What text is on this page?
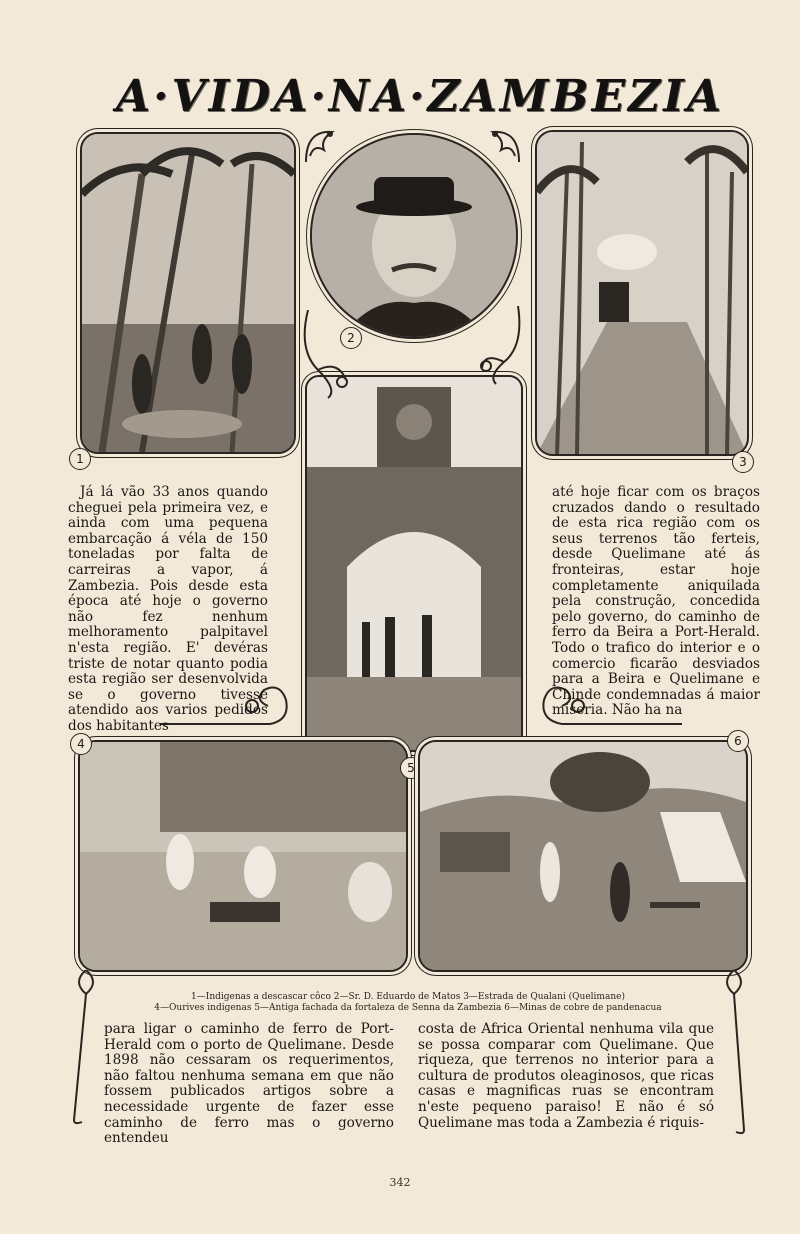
A·VIDA·NA·ZAMBEZIA
1
2
3
4
5
6

Já lá vão 33 anos quando cheguei pela primeira vez, e ainda com uma pequena embarcação á véla de 150 toneladas por falta de carreiras a vapor, á Zambezia. Pois desde esta época até hoje o governo não fez nenhum melhoramento palpitavel n'esta região. E' devéras triste de notar quanto podia esta região ser desenvolvida se o governo tivesse atendido aos varios pedidos dos habitantes

até hoje ficar com os braços cruzados dando o resultado de esta rica região com os seus terrenos tão ferteis, desde Quelimane até ás fronteiras, estar hoje completamente aniquilada pela construção, concedida pelo governo, do caminho de ferro da Beira a Port-Herald. Todo o trafico do interior e o comercio ficarão desviados para a Beira e Quelimane e Chinde condemnadas á maior miseria. Não ha na

1—Indigenas a descascar côco 2—Sr. D. Eduardo de Matos 3—Estrada de Qualani (Quelimane)
4—Ourives indigenas 5—Antiga fachada da fortaleza de Senna da Zambezia 6—Minas de cobre de pandenacua

para ligar o caminho de ferro de Port-Herald com o porto de Quelimane. Desde 1898 não cessaram os requerimentos, não faltou nenhuma semana em que não fossem publicados artigos sobre a necessidade urgente de fazer esse caminho de ferro mas o governo entendeu

costa de Africa Oriental nenhuma vila que se possa comparar com Quelimane. Que riqueza, que terrenos no interior para a cultura de produtos oleaginosos, que ricas casas e magnificas ruas se encontram n'este pequeno paraiso! E não é só Quelimane mas toda a Zambezia é riquis-

342
